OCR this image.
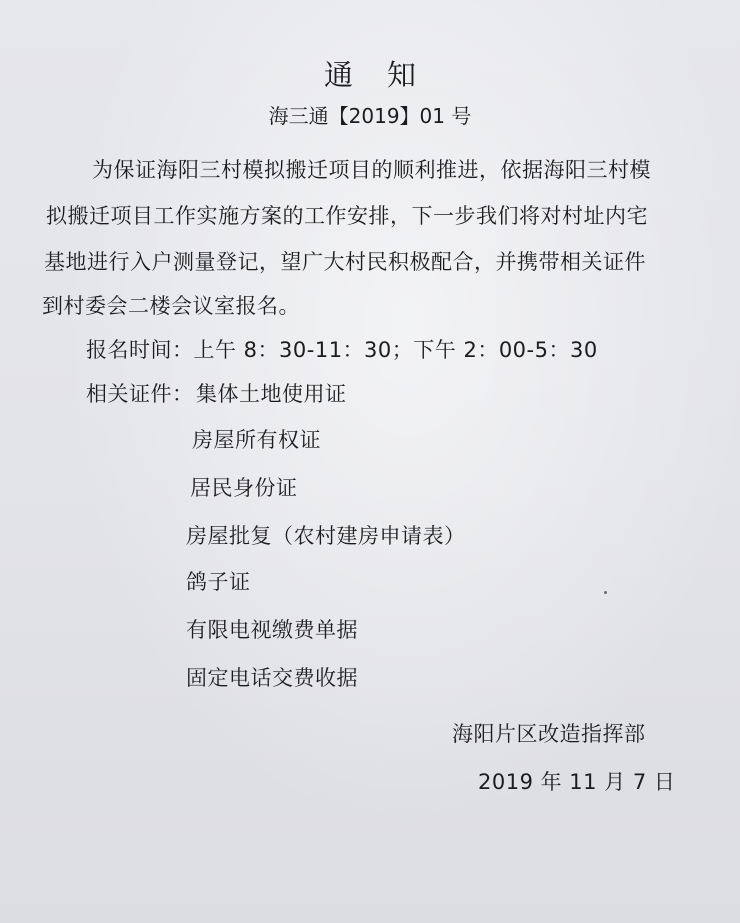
通知
海三通【2019】01 号
为保证海阳三村模拟搬迁项目的顺利推进，依据海阳三村模
拟搬迁项目工作实施方案的工作安排，下一步我们将对村址内宅
基地进行入户测量登记，望广大村民积极配合，并携带相关证件
到村委会二楼会议室报名。
报名时间：上午 8：30-11：30；下午 2：00-5：30
相关证件： 集体土地使用证
房屋所有权证
居民身份证
房屋批复（农村建房申请表）
鸽子证
有限电视缴费单据
固定电话交费收据
海阳片区改造指挥部
2019 年 11 月 7 日
